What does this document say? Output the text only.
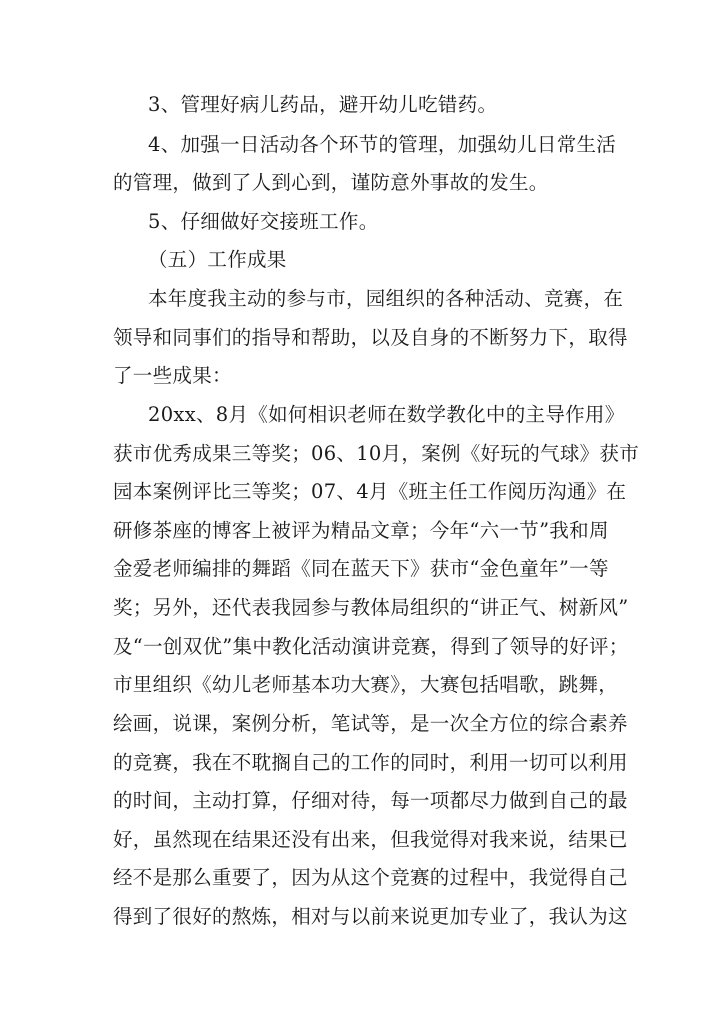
3、管理好病儿药品，避开幼儿吃错药。
4、加强一日活动各个环节的管理，加强幼儿日常生活
的管理，做到了人到心到，谨防意外事故的发生。
5、仔细做好交接班工作。
（五）工作成果
本年度我主动的参与市，园组织的各种活动、竞赛，在
领导和同事们的指导和帮助，以及自身的不断努力下，取得
了一些成果：
20xx、8月《如何相识老师在数学教化中的主导作用》
获市优秀成果三等奖；06、10月，案例《好玩的气球》获市
园本案例评比三等奖；07、4月《班主任工作阅历沟通》在
研修茶座的博客上被评为精品文章；今年“六一节”我和周
金爱老师编排的舞蹈《同在蓝天下》获市“金色童年”一等
奖；另外，还代表我园参与教体局组织的“讲正气、树新风”
及“一创双优”集中教化活动演讲竞赛，得到了领导的好评；
市里组织《幼儿老师基本功大赛》，大赛包括唱歌，跳舞，
绘画，说课，案例分析，笔试等，是一次全方位的综合素养
的竞赛，我在不耽搁自己的工作的同时，利用一切可以利用
的时间，主动打算，仔细对待，每一项都尽力做到自己的最
好，虽然现在结果还没有出来，但我觉得对我来说，结果已
经不是那么重要了，因为从这个竞赛的过程中，我觉得自己
得到了很好的熬炼，相对与以前来说更加专业了，我认为这
